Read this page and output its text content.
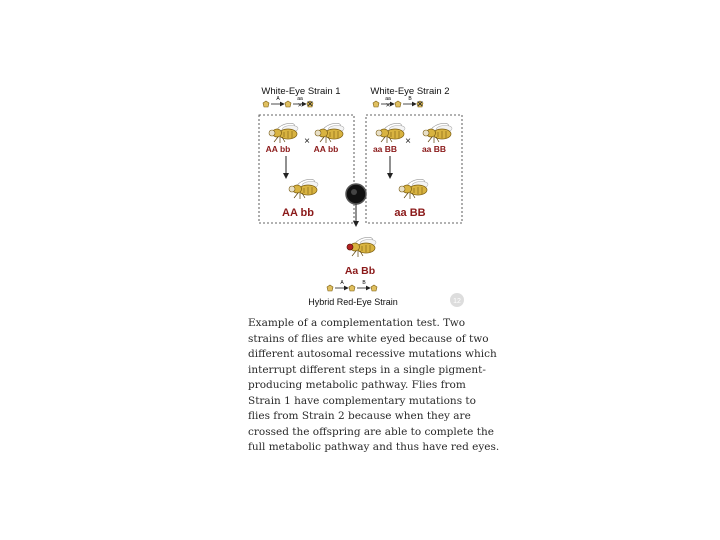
White-Eye Strain 1
A	aa
✕ ✕
White-Eye Strain 2
aa
✕
B ✕
×
AA bb	AA bb
AA bb
×
aa BB	aa BB
aa BB
Aa Bb
A	B
Hybrid Red-Eye Strain	12
Example of a complementation test. Two
strains of flies are white eyed because of two
different autosomal recessive mutations which
interrupt different steps in a single pigment-
producing metabolic pathway. Flies from
Strain 1 have complementary mutations to
flies from Strain 2 because when they are
crossed the offspring are able to complete the
full metabolic pathway and thus have red eyes.
